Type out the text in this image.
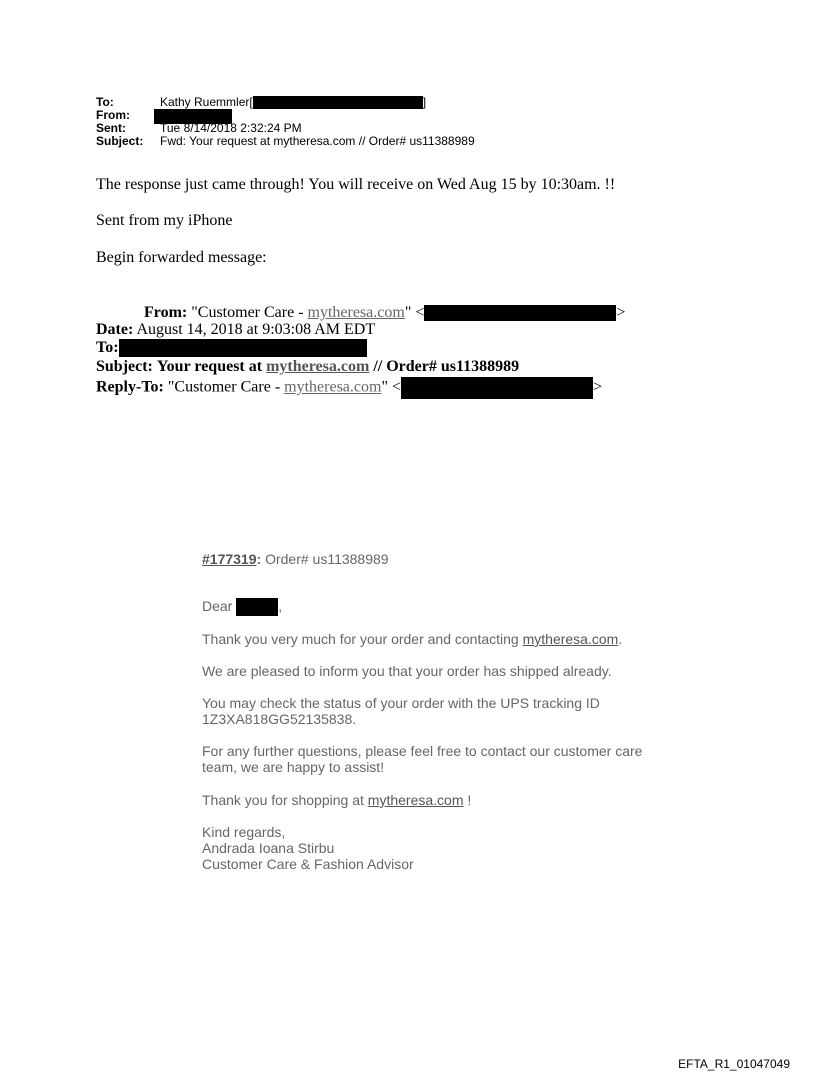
To:	Kathy Ruemmler[	]
From:
Sent:	Tue 8/14/2018 2:32:24 PM
Subject: Fwd: Your request at mytheresa.com // Order# us11388989
The response just came through! You will receive on Wed Aug 15 by 10:30am. !!
Sent from my iPhone
Begin forwarded message:
From: "Customer Care - mytheresa.com" <	>
Date: August 14, 2018 at 9:03:08 AM EDT
To:
Subject: Your request at mytheresa.com // Order# us11388989
Reply-To: "Customer Care - mytheresa.com" <	>
#177319: Order# us11388989
Dear	,
Thank you very much for your order and contacting mytheresa.com.
We are pleased to inform you that your order has shipped already.
You may check the status of your order with the UPS tracking ID
1Z3XA818GG52135838.
For any further questions, please feel free to contact our customer care
team, we are happy to assist!
Thank you for shopping at mytheresa.com !
Kind regards,
Andrada Ioana Stirbu
Customer Care & Fashion Advisor
EFTA_R1_01047049
